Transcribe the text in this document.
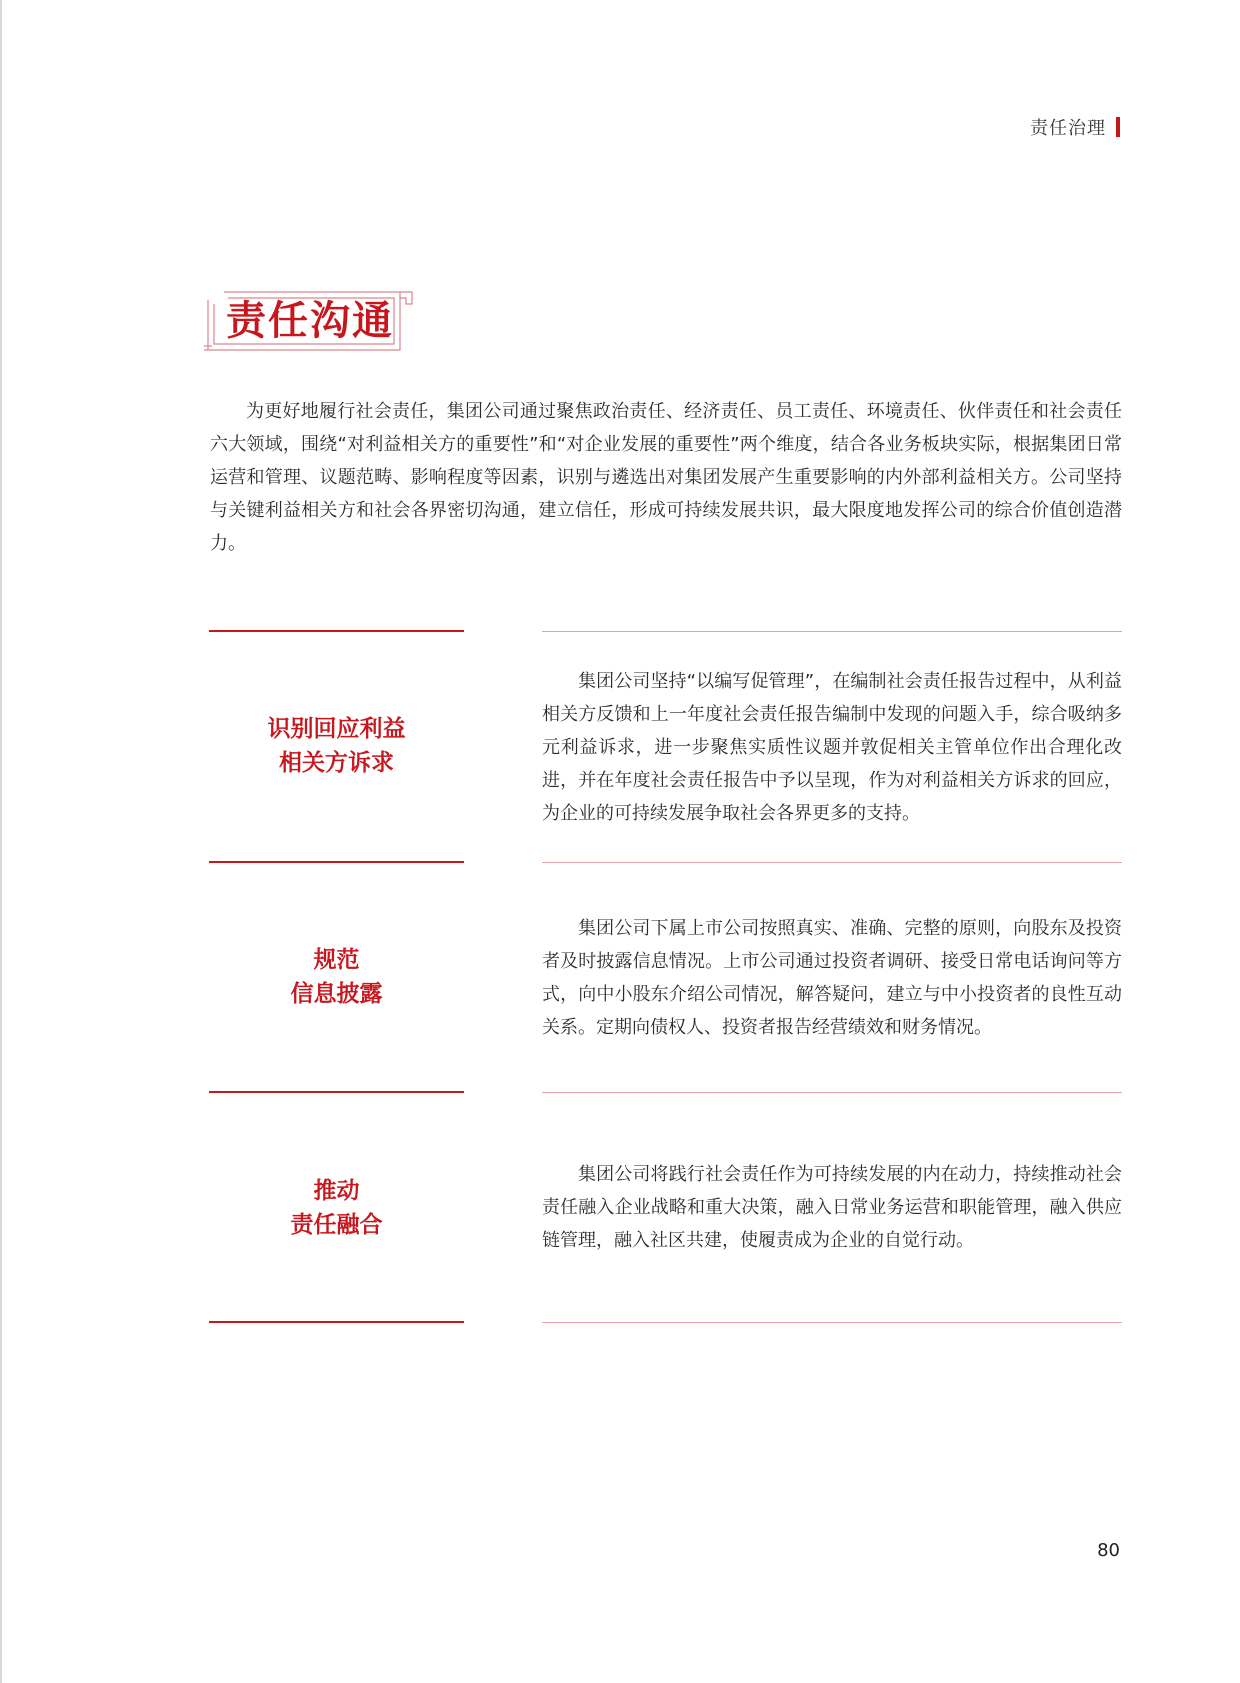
责任治理
责任沟通

为更好地履行社会责任，集团公司通过聚焦政治责任、经济责任、员工责任、环境责任、伙伴责任和社会责任六大领域，围绕“对利益相关方的重要性”和“对企业发展的重要性”两个维度，结合各业务板块实际，根据集团日常运营和管理、议题范畴、影响程度等因素，识别与遴选出对集团发展产生重要影响的内外部利益相关方。公司坚持与关键利益相关方和社会各界密切沟通，建立信任，形成可持续发展共识，最大限度地发挥公司的综合价值创造潜力。

识别回应利益
相关方诉求

集团公司坚持“以编写促管理”，在编制社会责任报告过程中，从利益相关方反馈和上一年度社会责任报告编制中发现的问题入手，综合吸纳多元利益诉求，进一步聚焦实质性议题并敦促相关主管单位作出合理化改进，并在年度社会责任报告中予以呈现，作为对利益相关方诉求的回应，为企业的可持续发展争取社会各界更多的支持。

规范
信息披露

集团公司下属上市公司按照真实、准确、完整的原则，向股东及投资者及时披露信息情况。上市公司通过投资者调研、接受日常电话询问等方式，向中小股东介绍公司情况，解答疑问，建立与中小投资者的良性互动关系。定期向债权人、投资者报告经营绩效和财务情况。

推动
责任融合

集团公司将践行社会责任作为可持续发展的内在动力，持续推动社会责任融入企业战略和重大决策，融入日常业务运营和职能管理，融入供应链管理，融入社区共建，使履责成为企业的自觉行动。

80
